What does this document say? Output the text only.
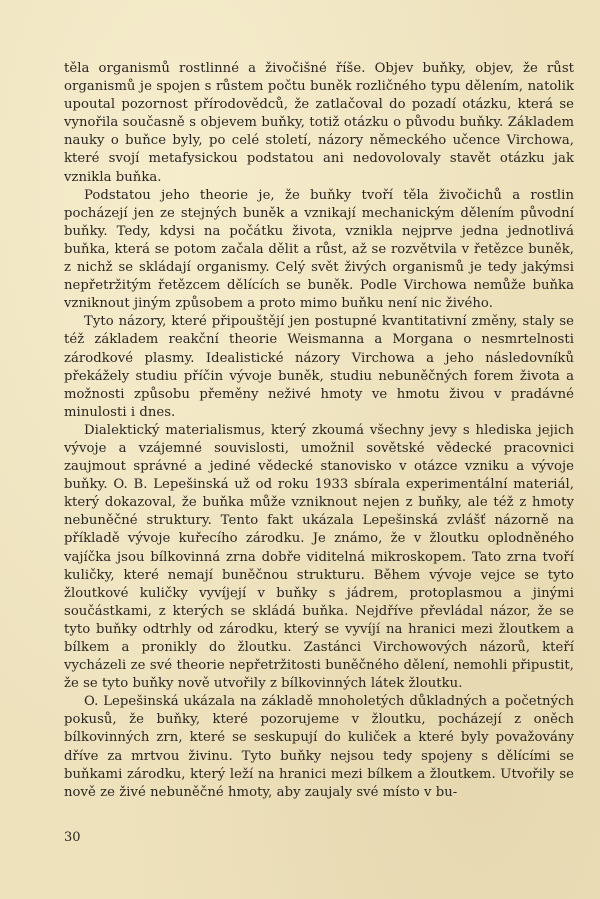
těla organismů rostlinné a živočišné říše. Objev buňky, objev, že růst organismů je spojen s růstem počtu buněk rozličného typu dělením, natolik upoutal pozornost přírodovědců, že zatlačoval do pozadí otázku, která se vynořila současně s objevem buňky, totiž otázku o původu buňky. Základem nauky o buňce byly, po celé století, názory německého učence Virchowa, které svojí metafysickou podstatou ani nedovolovaly stavět otázku jak vznikla buňka.

Podstatou jeho theorie je, že buňky tvoří těla živočichů a rostlin pocházejí jen ze stejných buněk a vznikají mechanickým dělením původní buňky. Tedy, kdysi na počátku života, vznikla nejprve jedna jednotlivá buňka, která se potom začala dělit a růst, až se rozvětvila v řetězce buněk, z nichž se skládají organismy. Celý svět živých organismů je tedy jakýmsi nepřetržitým řetězcem dělících se buněk. Podle Virchowa nemůže buňka vzniknout jiným způsobem a proto mimo buňku není nic živého.

Tyto názory, které připouštějí jen postupné kvantitativní změny, staly se též základem reakční theorie Weismanna a Morgana o nesmrtelnosti zárodkové plasmy. Idealistické názory Virchowa a jeho následovníků překážely studiu příčin vývoje buněk, studiu nebuněčných forem života a možnosti způsobu přeměny neživé hmoty ve hmotu živou v pradávné minulosti i dnes.

Dialektický materialismus, který zkoumá všechny jevy s hlediska jejich vývoje a vzájemné souvislosti, umožnil sovětské vědecké pracovnici zaujmout správné a jediné vědecké stanovisko v otázce vzniku a vývoje buňky. O. B. Lepešinská už od roku 1933 sbírala experimentální materiál, který dokazoval, že buňka může vzniknout nejen z buňky, ale též z hmoty nebuněčné struktury. Tento fakt ukázala Lepešinská zvlášť názorně na příkladě vývoje kuřecího zárodku. Je známo, že v žloutku oplodněného vajíčka jsou bílkovinná zrna dobře viditelná mikroskopem. Tato zrna tvoří kuličky, které nemají buněčnou strukturu. Během vývoje vejce se tyto žloutkové kuličky vyvíjejí v buňky s jádrem, protoplasmou a jinými součástkami, z kterých se skládá buňka. Nejdříve převládal názor, že se tyto buňky odtrhly od zárodku, který se vyvíjí na hranici mezi žloutkem a bílkem a pronikly do žloutku. Zastánci Virchowových názorů, kteří vycházeli ze své theorie nepřetržitosti buněčného dělení, nemohli připustit, že se tyto buňky nově utvořily z bílkovinných látek žloutku.

O. Lepešinská ukázala na základě mnoholetých důkladných a početných pokusů, že buňky, které pozorujeme v žloutku, pocházejí z oněch bílkovinných zrn, které se seskupují do kuliček a které byly považovány dříve za mrtvou živinu. Tyto buňky nejsou tedy spojeny s dělícími se buňkami zárodku, který leží na hranici mezi bílkem a žloutkem. Utvořily se nově ze živé nebuněčné hmoty, aby zaujaly své místo v bu-

30
